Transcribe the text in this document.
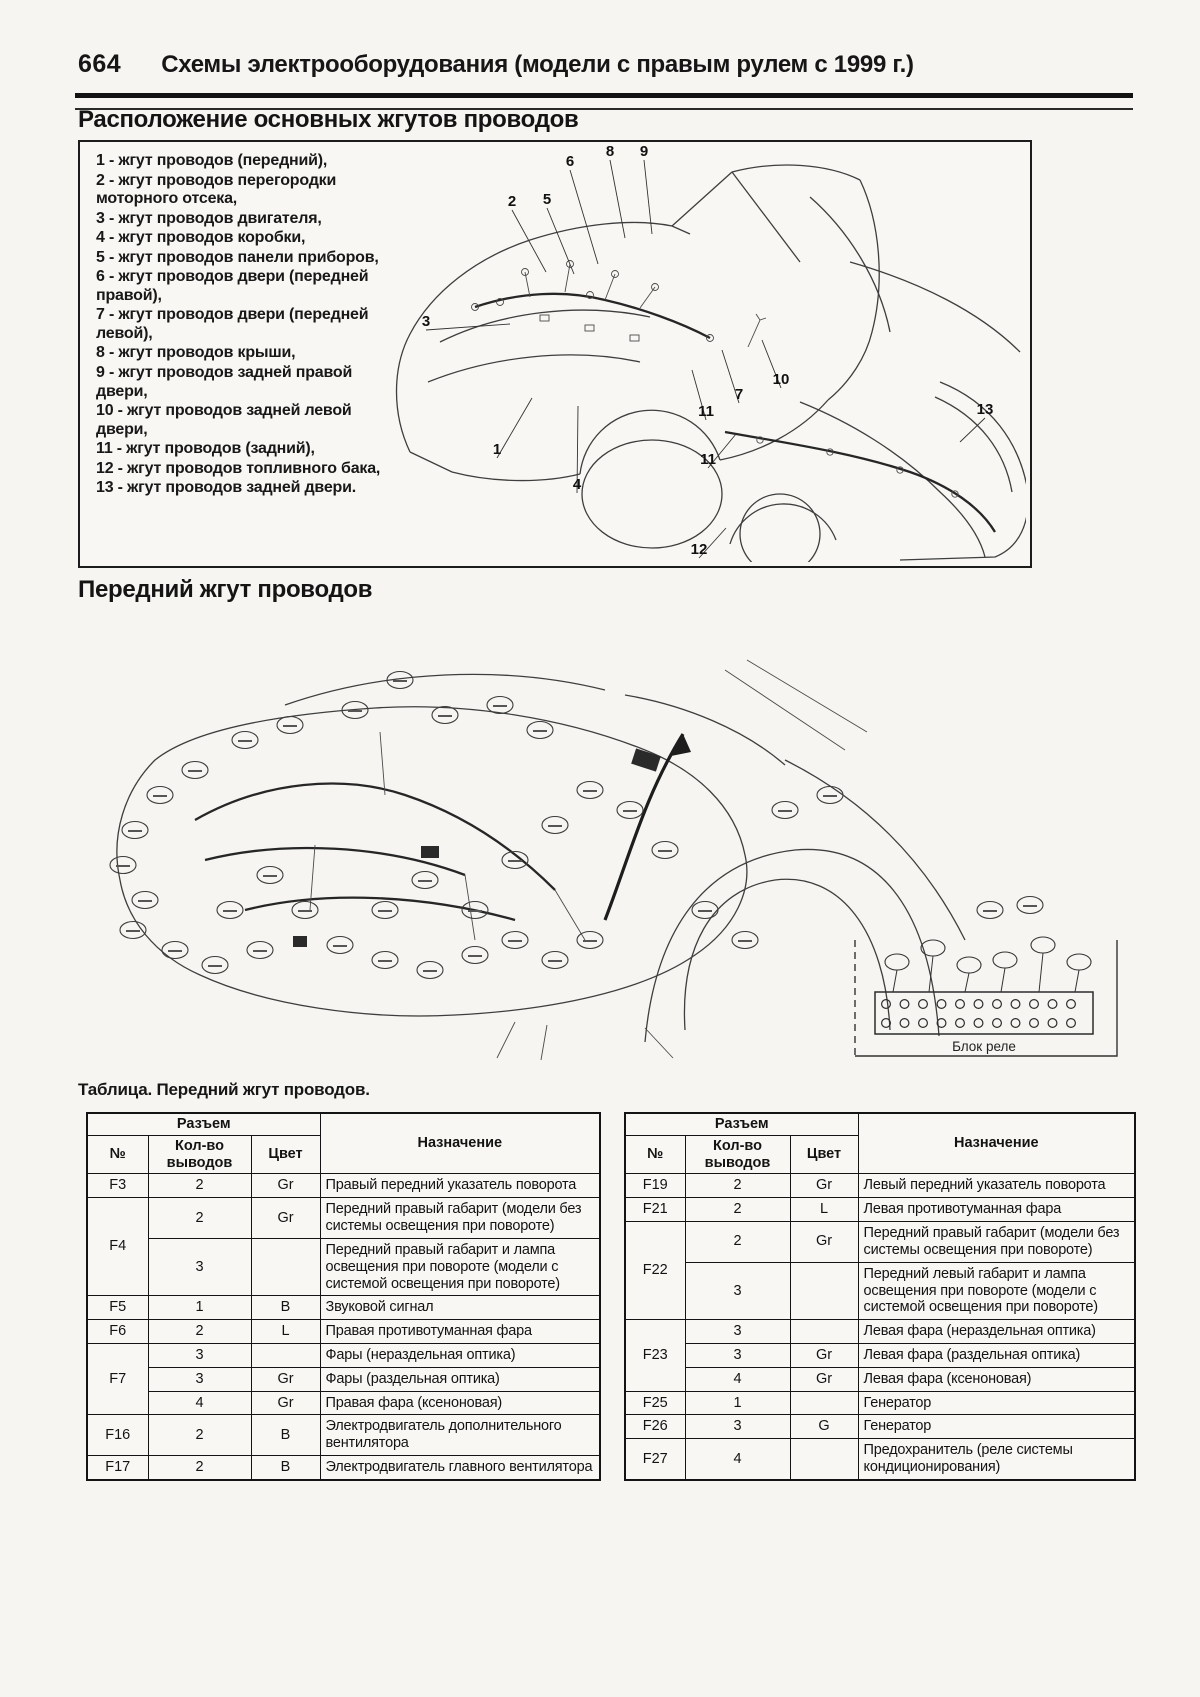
664 Схемы электрооборудования (модели с правым рулем с 1999 г.)
Расположение основных жгутов проводов
1 - жгут проводов (передний),
2 - жгут проводов перегородки моторного отсека,
3 - жгут проводов двигателя,
4 - жгут проводов коробки,
5 - жгут проводов панели приборов,
6 - жгут проводов двери (передней правой),
7 - жгут проводов двери (передней левой),
8 - жгут проводов крыши,
9 - жгут проводов задней правой двери,
10 - жгут проводов задней левой двери,
11 - жгут проводов (задний),
12 - жгут проводов топливного бака,
13 - жгут проводов задней двери.
2 5
6
8 9
3
1
4
10
7
11
11
13
12
Передний жгут проводов
Блок реле

Таблица. Передний жгут проводов.

Разъем			Назначение
№	Кол-во выводов	Цвет	
F3	2	Gr	Правый передний указатель поворота
F4	2	Gr	Передний правый габарит (модели без системы освещения при повороте)
	3		Передний правый габарит и лампа освещения при повороте (модели с системой освещения при повороте)
F5	1	B	Звуковой сигнал
F6	2	L	Правая противотуманная фара
F7	3		Фары (нераздельная оптика)
	3	Gr	Фары (раздельная оптика)
	4	Gr	Правая фара (ксеноновая)
F16	2	B	Электродвигатель дополнительного вентилятора
F17	2	B	Электродвигатель главного вентилятора
Разъем			Назначение
№	Кол-во выводов	Цвет	
F19	2	Gr	Левый передний указатель поворота
F21	2	L	Левая противотуманная фара
F22	2	Gr	Передний правый габарит (модели без системы освещения при повороте)
	3		Передний левый габарит и лампа освещения при повороте (модели с системой освещения при повороте)
F23	3		Левая фара (нераздельная оптика)
	3	Gr	Левая фара (раздельная оптика)
	4	Gr	Левая фара (ксеноновая)
F25	1		Генератор
F26	3	G	Генератор
F27	4		Предохранитель (реле системы кондиционирования)
